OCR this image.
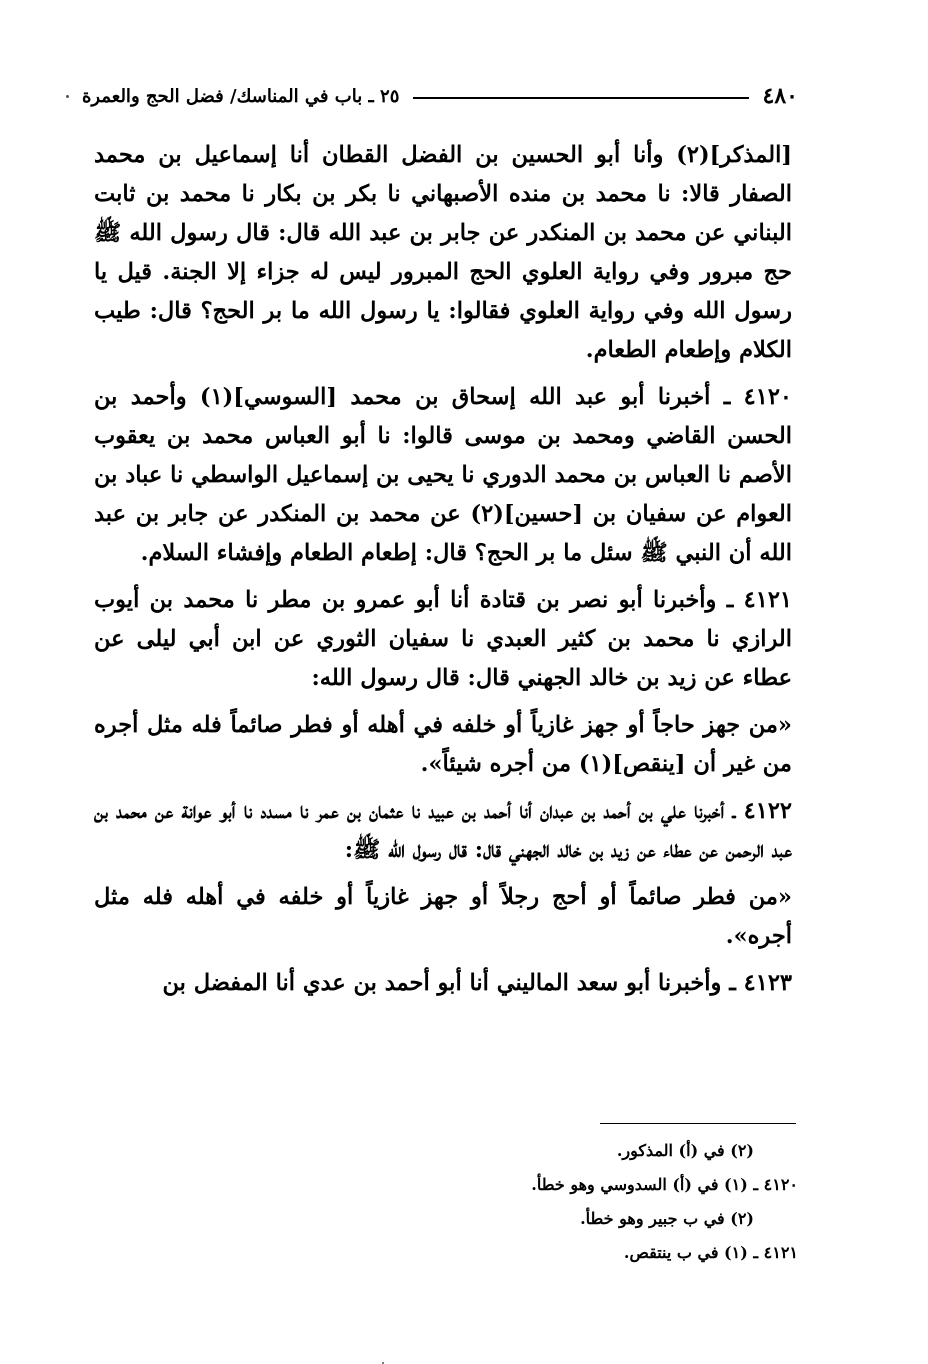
٤٨٠
٢٥ ـ باب في المناسك/ فضل الحج والعمرة

[المذكر](٢) وأنا أبو الحسين بن الفضل القطان أنا إسماعيل بن محمد الصفار قالا: نا محمد بن منده الأصبهاني نا بكر بن بكار نا محمد بن ثابت البناني عن محمد بن المنكدر عن جابر بن عبد الله قال: قال رسول الله ﷺ حج مبرور وفي رواية العلوي الحج المبرور ليس له جزاء إلا الجنة. قيل يا رسول الله وفي رواية العلوي فقالوا: يا رسول الله ما بر الحج؟ قال: طيب الكلام وإطعام الطعام.

٤١٢٠ ـ أخبرنا أبو عبد الله إسحاق بن محمد [السوسي](١) وأحمد بن الحسن القاضي ومحمد بن موسى قالوا: نا أبو العباس محمد بن يعقوب الأصم نا العباس بن محمد الدوري نا يحيى بن إسماعيل الواسطي نا عباد بن العوام عن سفيان بن [حسين](٢) عن محمد بن المنكدر عن جابر بن عبد الله أن النبي ﷺ سئل ما بر الحج؟ قال: إطعام الطعام وإفشاء السلام.

٤١٢١ ـ وأخبرنا أبو نصر بن قتادة أنا أبو عمرو بن مطر نا محمد بن أيوب الرازي نا محمد بن كثير العبدي نا سفيان الثوري عن ابن أبي ليلى عن عطاء عن زيد بن خالد الجهني قال: قال رسول الله:

«من جهز حاجاً أو جهز غازياً أو خلفه في أهله أو فطر صائماً فله مثل أجره من غير أن [ينقص](١) من أجره شيئاً».

٤١٢٢ ـ أخبرنا علي بن أحمد بن عبدان أنا أحمد بن عبيد نا عثمان بن عمر نا مسدد نا أبو عوانة عن محمد بن عبد الرحمن عن عطاء عن زيد بن خالد الجهني قال: قال رسول الله ﷺ:

«من فطر صائماً أو أحج رجلاً أو جهز غازياً أو خلفه في أهله فله مثل أجره».

٤١٢٣ ـ وأخبرنا أبو سعد الماليني أنا أبو أحمد بن عدي أنا المفضل بن

(٢) في (أ) المذكور.
٤١٢٠ ـ (١) في (أ) السدوسي وهو خطأ.
(٢) في ب جبير وهو خطأ.
٤١٢١ ـ (١) في ب ينتقص.
